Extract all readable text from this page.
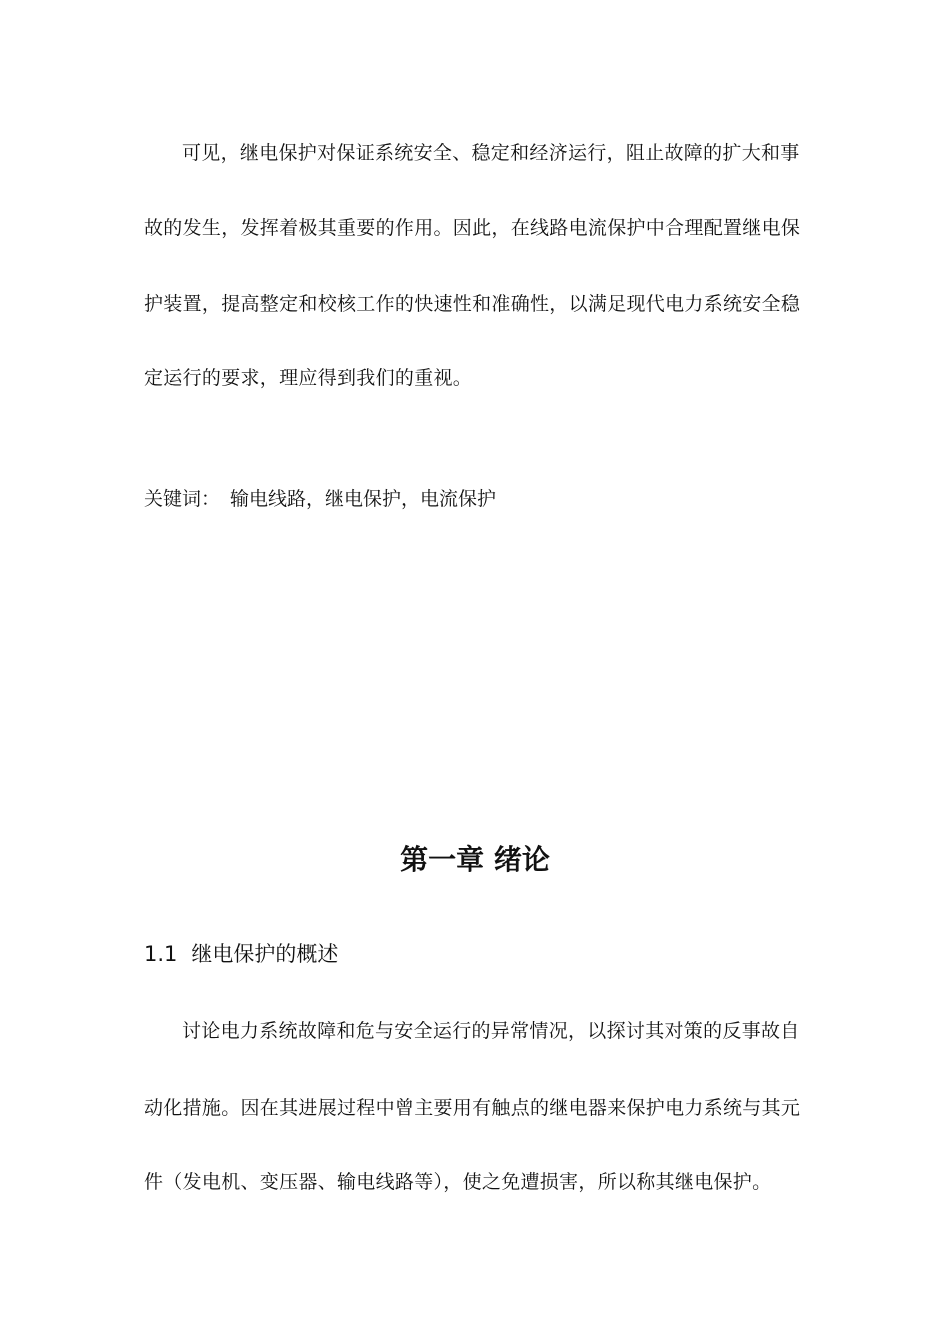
可见，继电保护对保证系统安全、稳定和经济运行，阻止故障的扩大和事
故的发生，发挥着极其重要的作用。因此，在线路电流保护中合理配置继电保
护装置，提高整定和校核工作的快速性和准确性，以满足现代电力系统安全稳
定运行的要求，理应得到我们的重视。
关键词： 输电线路，继电保护，电流保护
第一章 绪论
1.1 继电保护的概述
讨论电力系统故障和危与安全运行的异常情况，以探讨其对策的反事故自
动化措施。因在其进展过程中曾主要用有触点的继电器来保护电力系统与其元
件（发电机、变压器、输电线路等），使之免遭损害，所以称其继电保护。
